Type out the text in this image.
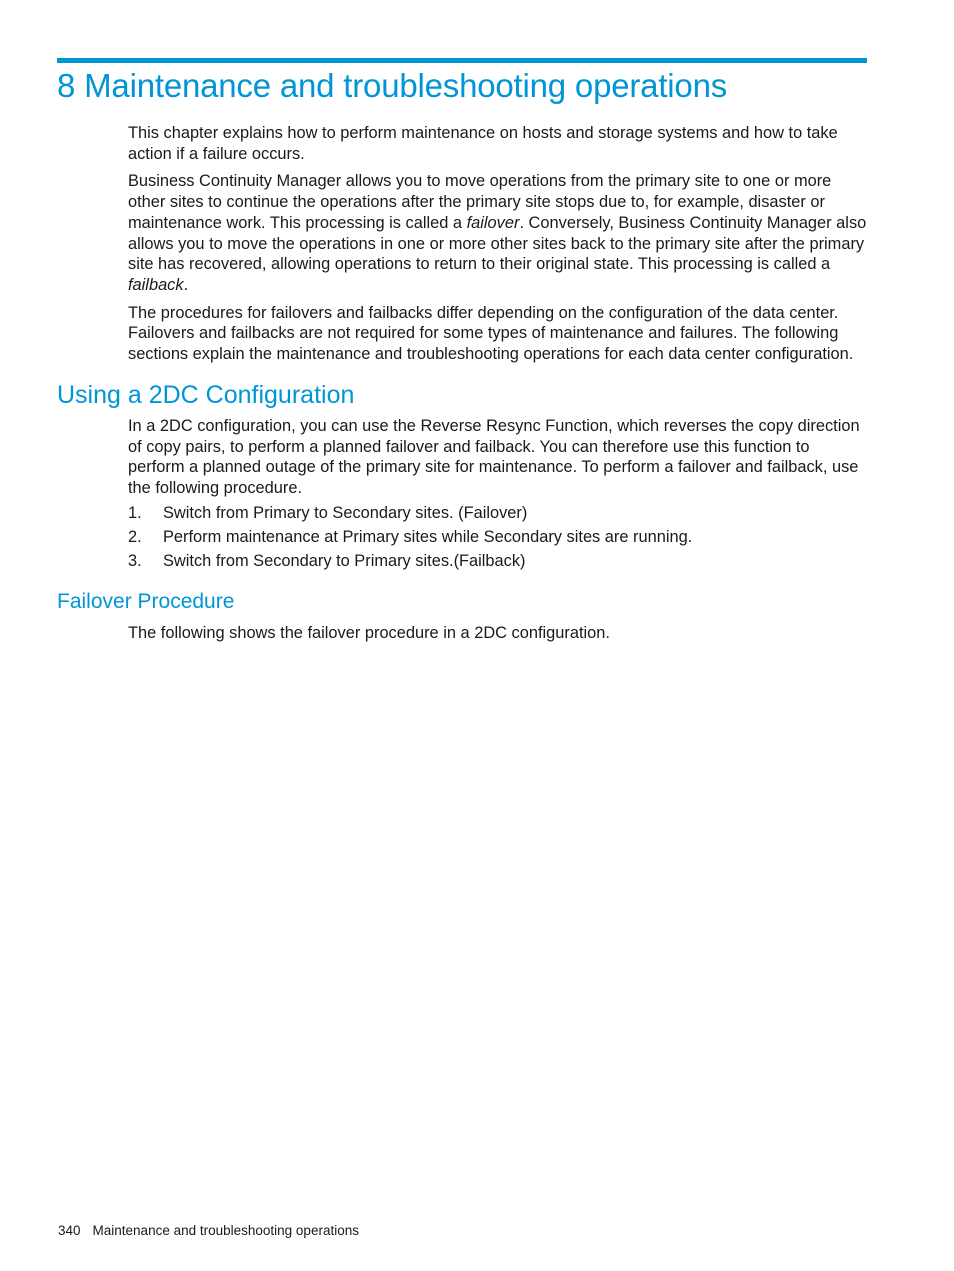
8 Maintenance and troubleshooting operations

This chapter explains how to perform maintenance on hosts and storage systems and how to take action if a failure occurs.

Business Continuity Manager allows you to move operations from the primary site to one or more other sites to continue the operations after the primary site stops due to, for example, disaster or maintenance work. This processing is called a failover. Conversely, Business Continuity Manager also allows you to move the operations in one or more other sites back to the primary site after the primary site has recovered, allowing operations to return to their original state. This processing is called a failback.

The procedures for failovers and failbacks differ depending on the configuration of the data center. Failovers and failbacks are not required for some types of maintenance and failures. The following sections explain the maintenance and troubleshooting operations for each data center configuration.

Using a 2DC Configuration

In a 2DC configuration, you can use the Reverse Resync Function, which reverses the copy direction of copy pairs, to perform a planned failover and failback. You can therefore use this function to perform a planned outage of the primary site for maintenance. To perform a failover and failback, use the following procedure.

1.	Switch from Primary to Secondary sites. (Failover)
2.	Perform maintenance at Primary sites while Secondary sites are running.
3.	Switch from Secondary to Primary sites.(Failback)
Failover Procedure

The following shows the failover procedure in a 2DC configuration.

340 Maintenance and troubleshooting operations
